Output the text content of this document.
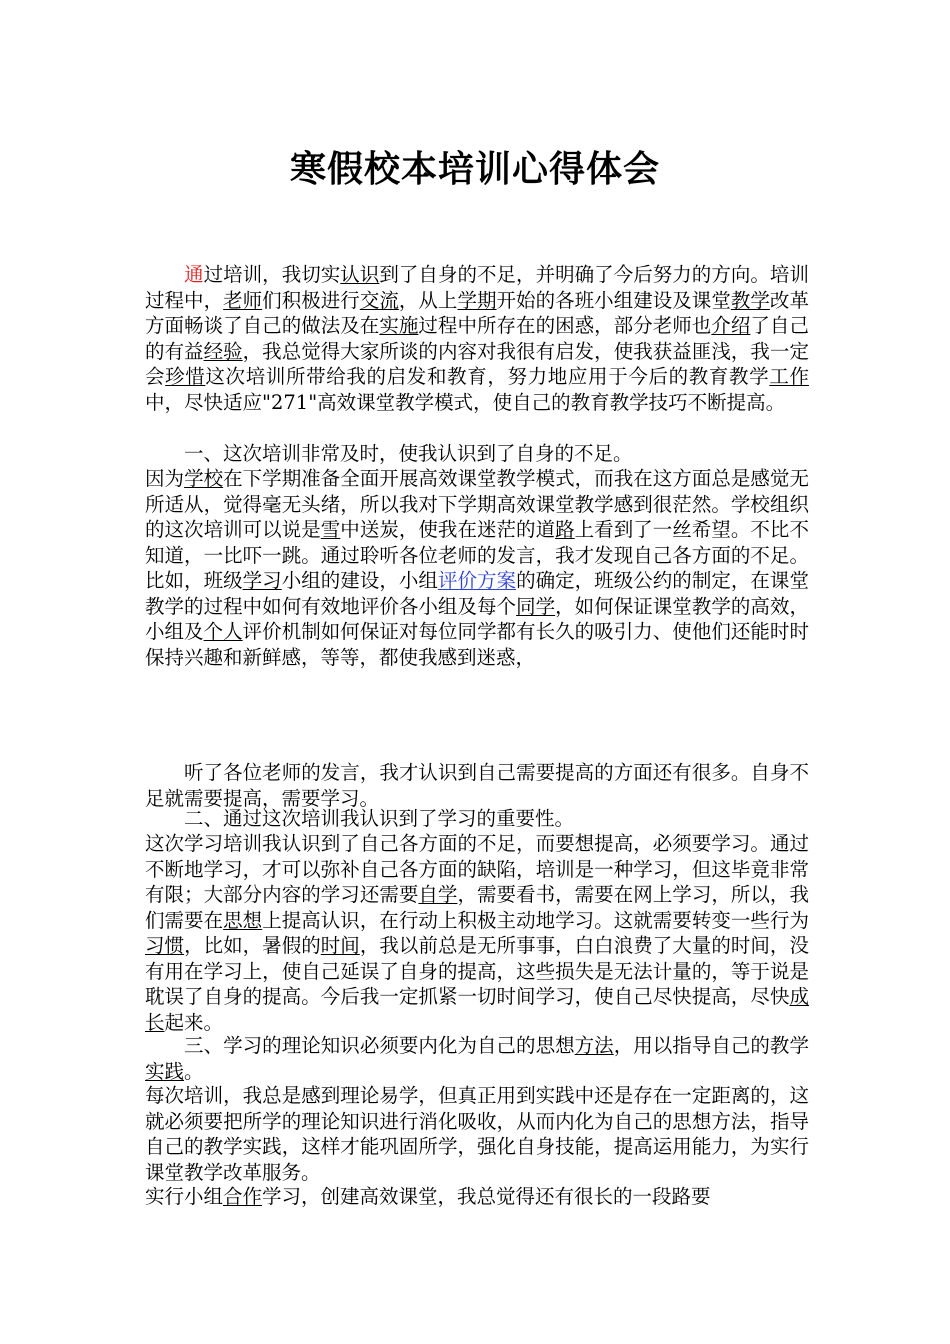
寒假校本培训心得体会
　　通过培训，我切实认识到了自身的不足，并明确了今后努力的方向。培训过程中，老师们积极进行交流，从上学期开始的各班小组建设及课堂教学改革方面畅谈了自己的做法及在实施过程中所存在的困惑，部分老师也介绍了自己的有益经验，我总觉得大家所谈的内容对我很有启发，使我获益匪浅，我一定会珍惜这次培训所带给我的启发和教育，努力地应用于今后的教育教学工作中，尽快适应"271"高效课堂教学模式，使自己的教育教学技巧不断提高。
　　一、这次培训非常及时，使我认识到了自身的不足。
因为学校在下学期准备全面开展高效课堂教学模式，而我在这方面总是感觉无所适从，觉得毫无头绪，所以我对下学期高效课堂教学感到很茫然。学校组织的这次培训可以说是雪中送炭，使我在迷茫的道路上看到了一丝希望。不比不知道，一比吓一跳。通过聆听各位老师的发言，我才发现自己各方面的不足。比如，班级学习小组的建设，小组评价方案的确定，班级公约的制定，在课堂教学的过程中如何有效地评价各小组及每个同学，如何保证课堂教学的高效，小组及个人评价机制如何保证对每位同学都有长久的吸引力、使他们还能时时保持兴趣和新鲜感，等等，都使我感到迷惑，
　　听了各位老师的发言，我才认识到自己需要提高的方面还有很多。自身不足就需要提高，需要学习。
　　二、通过这次培训我认识到了学习的重要性。
这次学习培训我认识到了自己各方面的不足，而要想提高，必须要学习。通过不断地学习，才可以弥补自己各方面的缺陷，培训是一种学习，但这毕竟非常有限；大部分内容的学习还需要自学，需要看书，需要在网上学习，所以，我们需要在思想上提高认识，在行动上积极主动地学习。这就需要转变一些行为习惯，比如，暑假的时间，我以前总是无所事事，白白浪费了大量的时间，没有用在学习上，使自己延误了自身的提高，这些损失是无法计量的，等于说是耽误了自身的提高。今后我一定抓紧一切时间学习，使自己尽快提高，尽快成长起来。
　　三、学习的理论知识必须要内化为自己的思想方法，用以指导自己的教学实践。
每次培训，我总是感到理论易学，但真正用到实践中还是存在一定距离的，这就必须要把所学的理论知识进行消化吸收，从而内化为自己的思想方法，指导自己的教学实践，这样才能巩固所学，强化自身技能，提高运用能力，为实行课堂教学改革服务。
实行小组合作学习，创建高效课堂，我总觉得还有很长的一段路要
